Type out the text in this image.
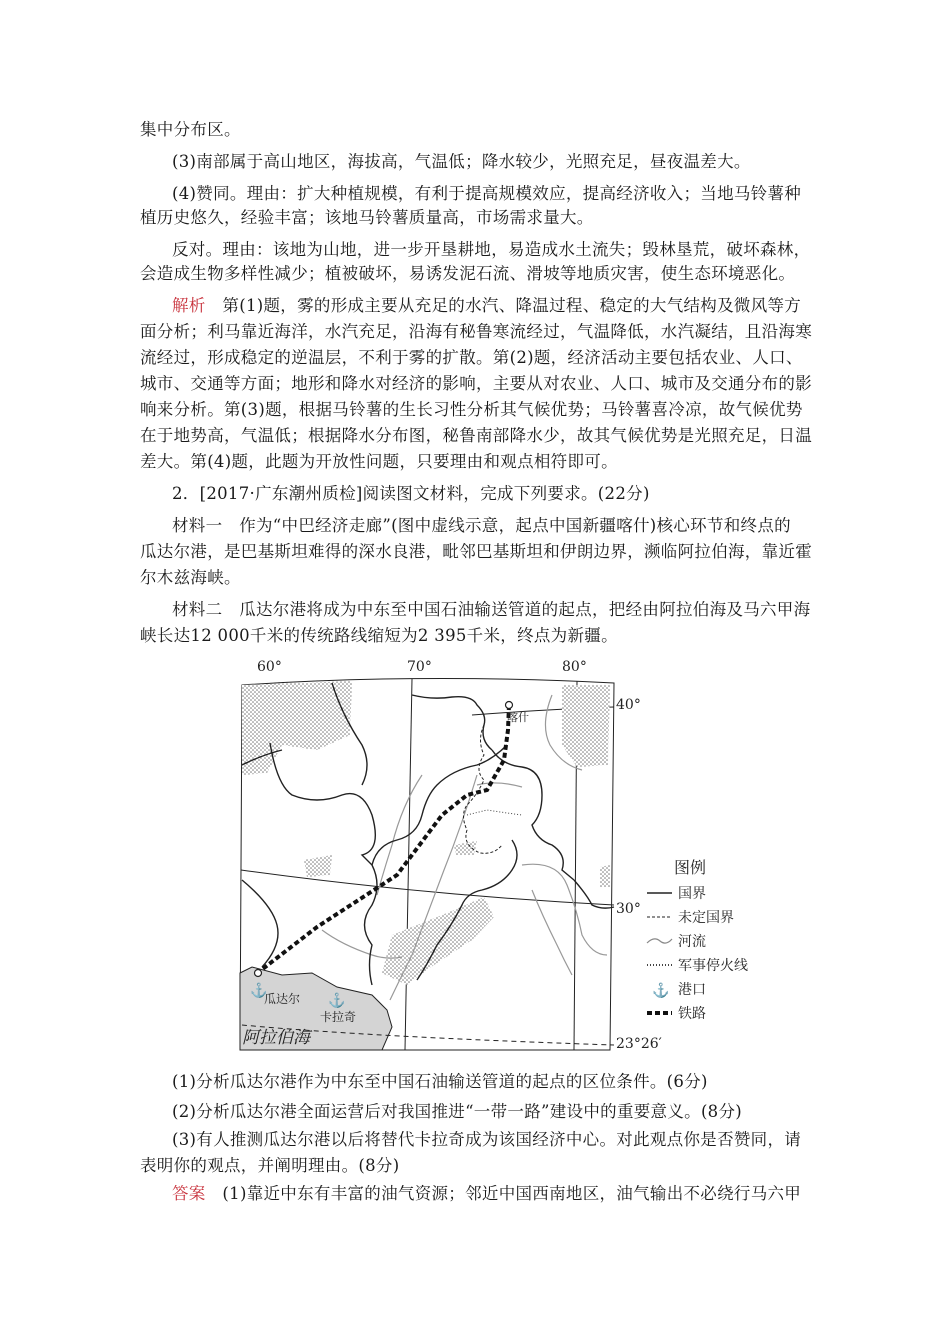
集中分布区。
(3)南部属于高山地区，海拔高，气温低；降水较少，光照充足，昼夜温差大。
(4)赞同。理由：扩大种植规模，有利于提高规模效应，提高经济收入；当地马铃薯种
植历史悠久，经验丰富；该地马铃薯质量高，市场需求量大。
反对。理由：该地为山地，进一步开垦耕地，易造成水土流失；毁林垦荒，破坏森林，
会造成生物多样性减少；植被破坏，易诱发泥石流、滑坡等地质灾害，使生态环境恶化。
解析　 第(1)题，雾的形成主要从充足的水汽、降温过程、稳定的大气结构及微风等方
面分析；利马靠近海洋，水汽充足，沿海有秘鲁寒流经过，气温降低，水汽凝结，且沿海寒
流经过，形成稳定的逆温层，不利于雾的扩散。第(2)题，经济活动主要包括农业、人口、
城市、交通等方面；地形和降水对经济的影响，主要从对农业、人口、城市及交通分布的影
响来分析。第(3)题，根据马铃薯的生长习性分析其气候优势；马铃薯喜冷凉，故气候优势
在于地势高，气温低；根据降水分布图，秘鲁南部降水少，故其气候优势是光照充足，日温
差大。第(4)题，此题为开放性问题，只要理由和观点相符即可。
2．[2017·广东潮州质检]阅读图文材料，完成下列要求。(22分)
材料一　作为“中巴经济走廊”(图中虚线示意，起点中国新疆喀什)核心环节和终点的
瓜达尔港，是巴基斯坦难得的深水良港，毗邻巴基斯坦和伊朗边界，濒临阿拉伯海，靠近霍
尔木兹海峡。
材料二　瓜达尔港将成为中东至中国石油输送管道的起点，把经由阿拉伯海及马六甲海
峡长达12 000千米的传统路线缩短为2 395千米，终点为新疆。
⚓
⚓
60°	70°	80°
40°
30°
23°26′
喀什
瓜达尔
卡拉奇
阿拉伯海
图例
国界
未定国界
河流
军事停火线
⚓ 港口
铁路
(1)分析瓜达尔港作为中东至中国石油输送管道的起点的区位条件。(6分)
(2)分析瓜达尔港全面运营后对我国推进“一带一路”建设中的重要意义。(8分)
(3)有人推测瓜达尔港以后将替代卡拉奇成为该国经济中心。对此观点你是否赞同，请
表明你的观点，并阐明理由。(8分)
答案　 (1)靠近中东有丰富的油气资源；邻近中国西南地区，油气输出不必绕行马六甲
